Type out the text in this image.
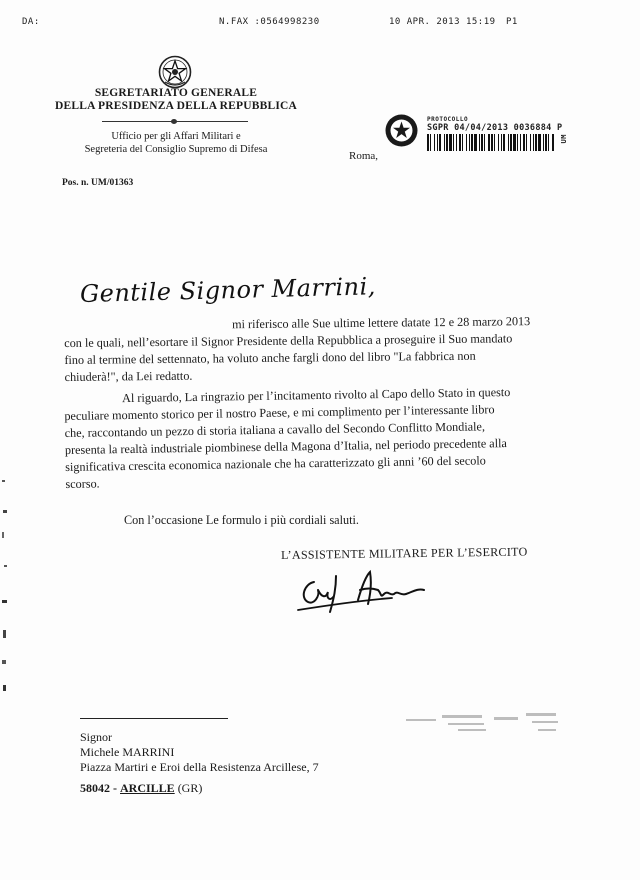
DA:	N.FAX :0564998230	10 APR. 2013 15:19 P1
SEGRETARIATO GENERALE
DELLA PRESIDENZA DELLA REPUBBLICA
Ufficio per gli Affari Militari e
Segreteria del Consiglio Supremo di Difesa
Pos. n. UM/01363
Roma,
PROTOCOLLO
SGPR 04/04/2013 0036884 P
UM
Gentile Signor Marrini,
mi riferisco alle Sue ultime lettere datate 12 e 28 marzo 2013
con le quali, nell’esortare il Signor Presidente della Repubblica a proseguire il Suo mandato
fino al termine del settennato, ha voluto anche fargli dono del libro "La fabbrica non
chiuderà!", da Lei redatto.
Al riguardo, La ringrazio per l’incitamento rivolto al Capo dello Stato in questo
peculiare momento storico per il nostro Paese, e mi complimento per l’interessante libro
che, raccontando un pezzo di storia italiana a cavallo del Secondo Conflitto Mondiale,
presenta la realtà industriale piombinese della Magona d’Italia, nel periodo precedente alla
significativa crescita economica nazionale che ha caratterizzato gli anni ’60 del secolo
scorso.
Con l’occasione Le formulo i più cordiali saluti.
L’ASSISTENTE MILITARE PER L’ESERCITO
Signor
Michele MARRINI
Piazza Martiri e Eroi della Resistenza Arcillese, 7
58042 - ARCILLE (GR)
